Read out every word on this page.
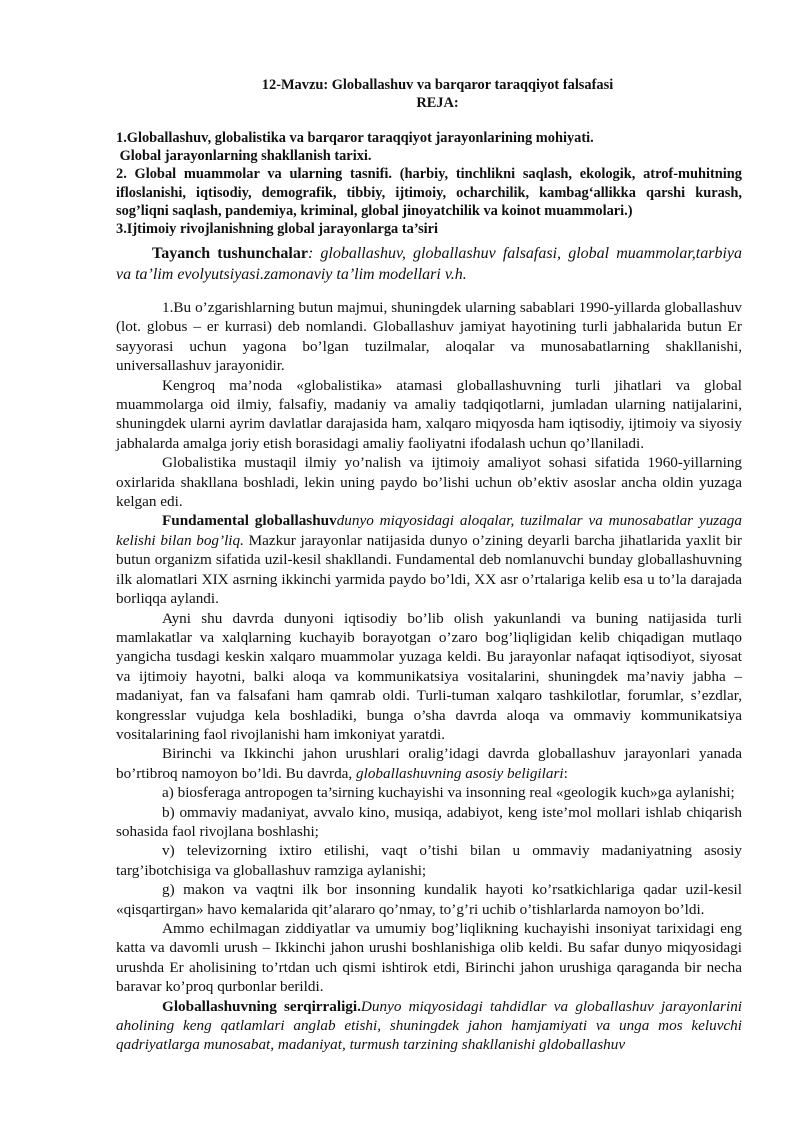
12-Mavzu: Globallashuv va barqaror taraqqiyot falsafasi
REJA:

1.Globallashuv, globalistika va barqaror taraqqiyot jarayonlarining mohiyati.

Global jarayonlarning shakllanish tarixi.

2. Global muammolar va ularning tasnifi. (harbiy, tinchlikni saqlash, ekologik, atrof-muhitning ifloslanishi, iqtisodiy, demografik, tibbiy, ijtimoiy, ocharchilik, kambag‘allikka qarshi kurash, sog’liqni saqlash, pandemiya, kriminal, global jinoyatchilik va koinot muammolari.)

3.Ijtimoiy rivojlanishning global jarayonlarga ta’siri

Tayanch tushunchalar: globallashuv, globallashuv falsafasi, global muammolar,tarbiya va ta’lim evolyutsiyasi.zamonaviy ta’lim modellari v.h.

1.Bu o’zgarishlarning butun majmui, shuningdek ularning sabablari 1990-yillarda globallashuv (lot. globus – er kurrasi) deb nomlandi. Globallashuv jamiyat hayotining turli jabhalarida butun Er sayyorasi uchun yagona bo’lgan tuzilmalar, aloqalar va munosabatlarning shakllanishi, universallashuv jarayonidir.

Kengroq ma’noda «globalistika» atamasi globallashuvning turli jihatlari va global muammolarga oid ilmiy, falsafiy, madaniy va amaliy tadqiqotlarni, jumladan ularning natijalarini, shuningdek ularni ayrim davlatlar darajasida ham, xalqaro miqyosda ham iqtisodiy, ijtimoiy va siyosiy jabhalarda amalga joriy etish borasidagi amaliy faoliyatni ifodalash uchun qo’llaniladi.

Globalistika mustaqil ilmiy yo’nalish va ijtimoiy amaliyot sohasi sifatida 1960-yillarning oxirlarida shakllana boshladi, lekin uning paydo bo’lishi uchun ob’ektiv asoslar ancha oldin yuzaga kelgan edi.

Fundamental globallashuvdunyo miqyosidagi aloqalar, tuzilmalar va munosabatlar yuzaga kelishi bilan bog’liq. Mazkur jarayonlar natijasida dunyo o’zining deyarli barcha jihatlarida yaxlit bir butun organizm sifatida uzil-kesil shakllandi. Fundamental deb nomlanuvchi bunday globallashuvning ilk alomatlari XIX asrning ikkinchi yarmida paydo bo’ldi, XX asr o’rtalariga kelib esa u to’la darajada borliqqa aylandi.

Ayni shu davrda dunyoni iqtisodiy bo’lib olish yakunlandi va buning natijasida turli mamlakatlar va xalqlarning kuchayib borayotgan o’zaro bog’liqligidan kelib chiqadigan mutlaqo yangicha tusdagi keskin xalqaro muammolar yuzaga keldi. Bu jarayonlar nafaqat iqtisodiyot, siyosat va ijtimoiy hayotni, balki aloqa va kommunikatsiya vositalarini, shuningdek ma’naviy jabha – madaniyat, fan va falsafani ham qamrab oldi. Turli-tuman xalqaro tashkilotlar, forumlar, s’ezdlar, kongresslar vujudga kela boshladiki, bunga o’sha davrda aloqa va ommaviy kommunikatsiya vositalarining faol rivojlanishi ham imkoniyat yaratdi.

Birinchi va Ikkinchi jahon urushlari oralig’idagi davrda globallashuv jarayonlari yanada bo’rtibroq namoyon bo’ldi. Bu davrda, globallashuvning asosiy beligilari:

a) biosferaga antropogen ta’sirning kuchayishi va insonning real «geologik kuch»ga aylanishi;

b) ommaviy madaniyat, avvalo kino, musiqa, adabiyot, keng iste’mol mollari ishlab chiqarish sohasida faol rivojlana boshlashi;

v) televizorning ixtiro etilishi, vaqt o’tishi bilan u ommaviy madaniyatning asosiy targ’ibotchisiga va globallashuv ramziga aylanishi;

g) makon va vaqtni ilk bor insonning kundalik hayoti ko’rsatkichlariga qadar uzil-kesil «qisqartirgan» havo kemalarida qit’alararo qo’nmay, to’g’ri uchib o’tishlarlarda namoyon bo’ldi.

Ammo echilmagan ziddiyatlar va umumiy bog’liqlikning kuchayishi insoniyat tarixidagi eng katta va davomli urush – Ikkinchi jahon urushi boshlanishiga olib keldi. Bu safar dunyo miqyosidagi urushda Er aholisining to’rtdan uch qismi ishtirok etdi, Birinchi jahon urushiga qaraganda bir necha baravar ko’proq qurbonlar berildi.

Globallashuvning serqirraligi.Dunyo miqyosidagi tahdidlar va globallashuv jarayonlarini aholining keng qatlamlari anglab etishi, shuningdek jahon hamjamiyati va unga mos keluvchi qadriyatlarga munosabat, madaniyat, turmush tarzining shakllanishi gldoballashuv
